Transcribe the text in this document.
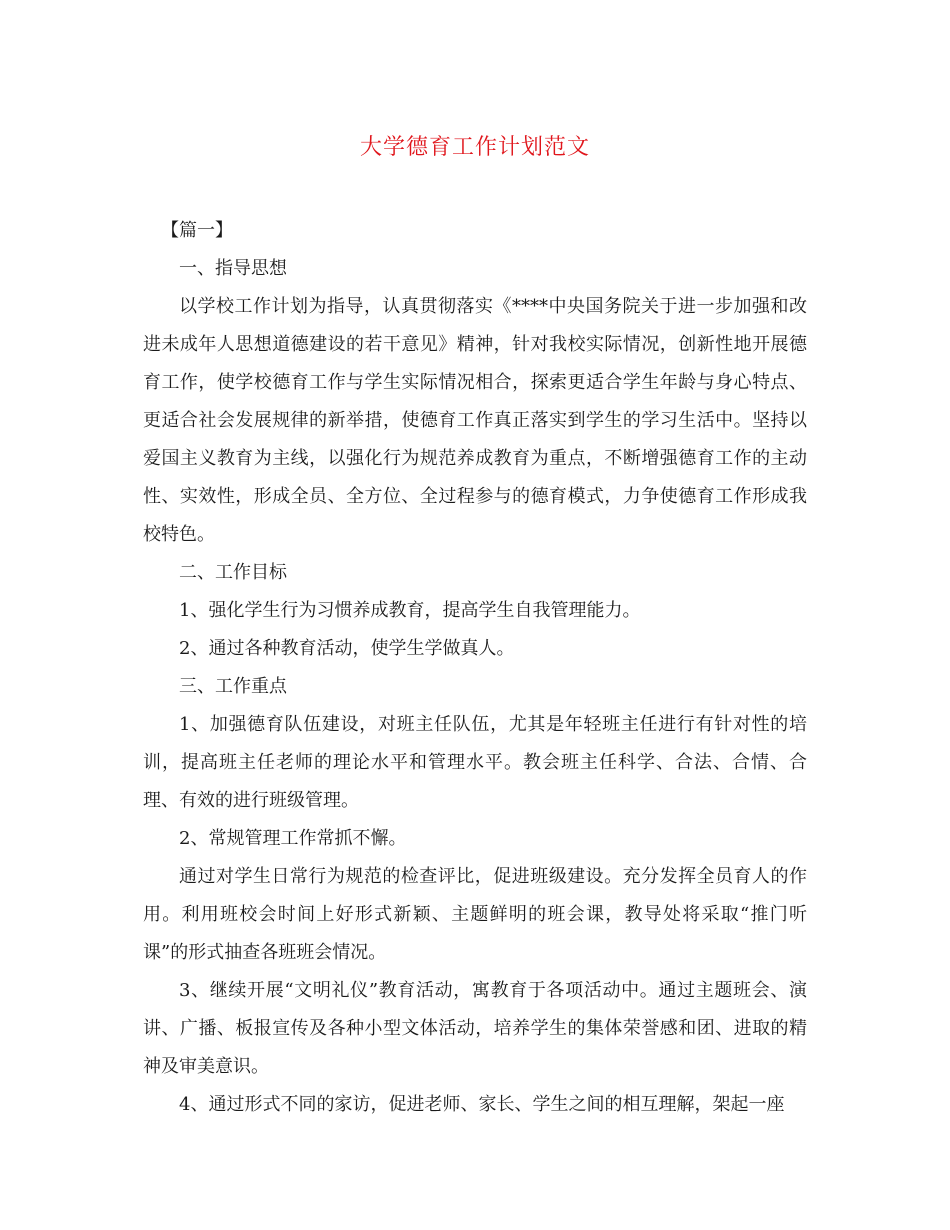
大学德育工作计划范文

【篇一】

一、指导思想

以学校工作计划为指导，认真贯彻落实《****中央国务院关于进一步加强和改进未成年人思想道德建设的若干意见》精神，针对我校实际情况，创新性地开展德育工作，使学校德育工作与学生实际情况相合，探索更适合学生年龄与身心特点、更适合社会发展规律的新举措，使德育工作真正落实到学生的学习生活中。坚持以爱国主义教育为主线，以强化行为规范养成教育为重点，不断增强德育工作的主动性、实效性，形成全员、全方位、全过程参与的德育模式，力争使德育工作形成我校特色。

二、工作目标

1、强化学生行为习惯养成教育，提高学生自我管理能力。

2、通过各种教育活动，使学生学做真人。

三、工作重点

1、加强德育队伍建设，对班主任队伍，尤其是年轻班主任进行有针对性的培训，提高班主任老师的理论水平和管理水平。教会班主任科学、合法、合情、合理、有效的进行班级管理。

2、常规管理工作常抓不懈。

通过对学生日常行为规范的检查评比，促进班级建设。充分发挥全员育人的作用。利用班校会时间上好形式新颖、主题鲜明的班会课，教导处将采取“推门听课”的形式抽查各班班会情况。

3、继续开展“文明礼仪”教育活动，寓教育于各项活动中。通过主题班会、演讲、广播、板报宣传及各种小型文体活动，培养学生的集体荣誉感和团、进取的精神及审美意识。

4、通过形式不同的家访，促进老师、家长、学生之间的相互理解，架起一座
